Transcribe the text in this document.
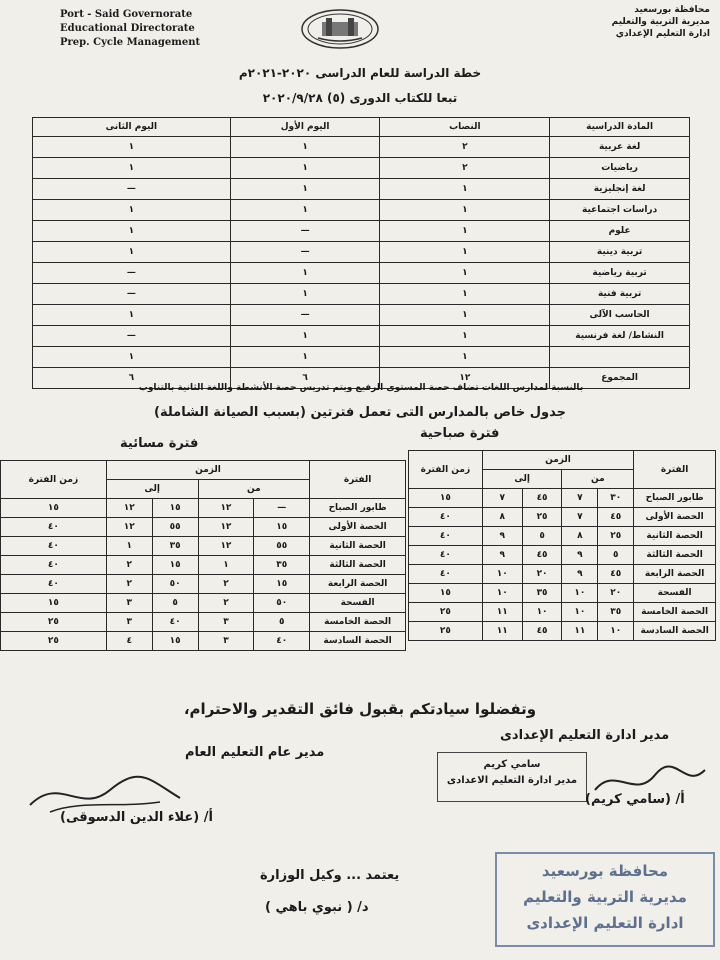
Port - Said Governorate
Educational Directorate
Prep. Cycle Management
محافظة بورسعيد
مديرية التربية والتعليم
ادارة التعليم الإعدادي
خطة الدراسة للعام الدراسى ٢٠٢٠-٢٠٢١م
تبعا للكتاب الدورى (٥) ٢٠٢٠/٩/٢٨
المادة الدراسية	النصاب	اليوم الأول	اليوم الثانى
لغة عربية	٢	١	١
رياضيات	٢	١	١
لغة إنجليزية	١	١	—
دراسات اجتماعية	١	١	١
علوم	١	—	١
تربية دينية	١	—	١
تربية رياضية	١	١	—
تربية فنية	١	١	—
الحاسب الآلى	١	—	١
النشاط/ لغة فرنسية	١	١	—
	١	١	١
المجموع	١٢	٦	٦
بالنسبة لمدارس اللغات تضاف حصة المستوى الرفيع ويتم تدريس حصة الأنشطة واللغة الثانية بالتناوب
جدول خاص بالمدارس التى تعمل فترتين (بسبب الصيانة الشاملة)
فترة صباحية
فترة مسائية
الفترة	الزمن				زمن الفترة
	من		إلى		
طابور الصباح	٣٠	٧	٤٥	٧	١٥
الحصة الأولى	٤٥	٧	٢٥	٨	٤٠
الحصة الثانية	٢٥	٨	٥	٩	٤٠
الحصة الثالثة	٥	٩	٤٥	٩	٤٠
الحصة الرابعة	٤٥	٩	٢٠	١٠	٤٠
الفسحة	٢٠	١٠	٣٥	١٠	١٥
الحصة الخامسة	٣٥	١٠	١٠	١١	٢٥
الحصة السادسة	١٠	١١	٤٥	١١	٢٥
الفترة	الزمن				زمن الفترة
	من		إلى		
طابور الصباح	—	١٢	١٥	١٢	١٥
الحصة الأولى	١٥	١٢	٥٥	١٢	٤٠
الحصة الثانية	٥٥	١٢	٣٥	١	٤٠
الحصة الثالثة	٣٥	١	١٥	٢	٤٠
الحصة الرابعة	١٥	٢	٥٠	٢	٤٠
الفسحة	٥٠	٢	٥	٣	١٥
الحصة الخامسة	٥	٣	٤٠	٣	٢٥
الحصة السادسة	٤٠	٣	١٥	٤	٢٥
وتفضلوا سيادتكم بقبول فائق التقدير والاحترام،
مدير عام التعليم العام
أ/ (علاء الدين الدسوقى)
مدير ادارة التعليم الإعدادى
سامي كريم
مدير ادارة التعليم الاعدادى
أ/ (سامي كريم)
يعتمد ... وكيل الوزارة
د/ ( نبوي باهي )
محافظة بورسعيد
مديرية التربية والتعليم
ادارة التعليم الإعدادى
